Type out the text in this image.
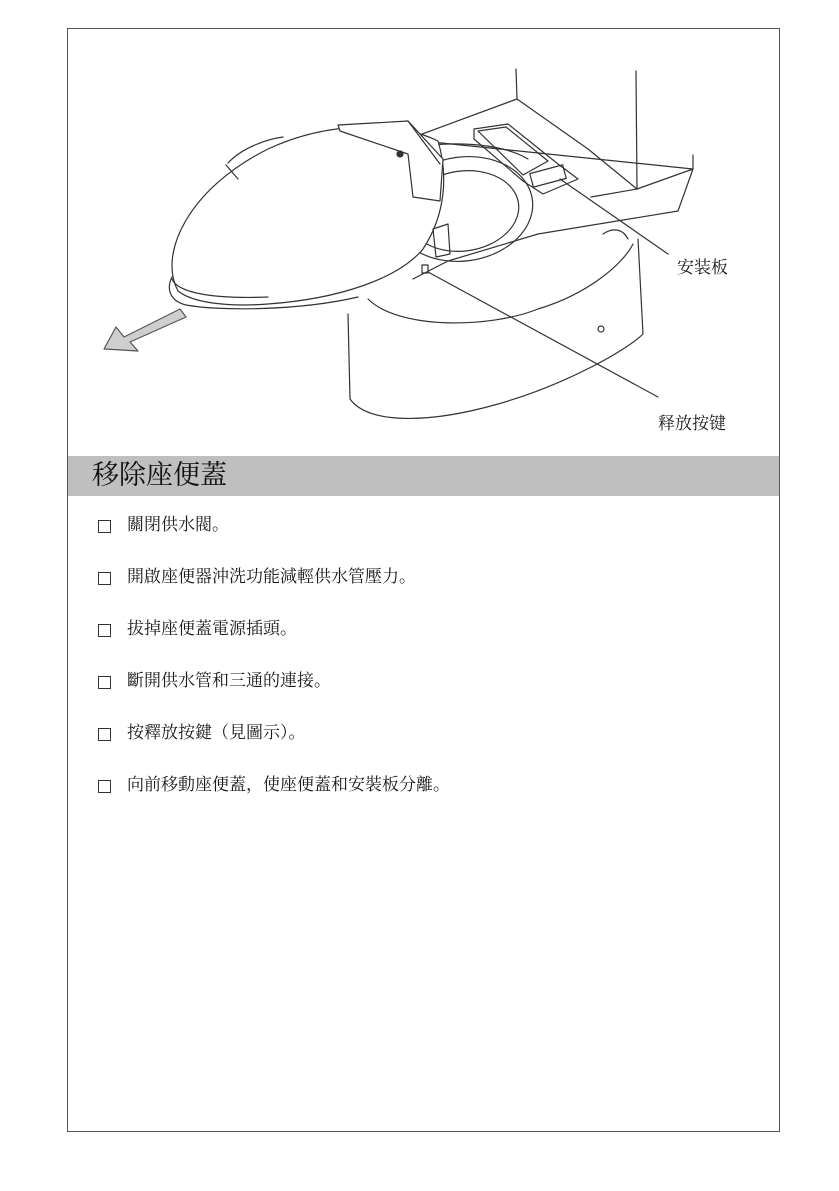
安装板
释放按键
移除座便蓋
關閉供水閥。
開啟座便器沖洗功能減輕供水管壓力。
拔掉座便蓋電源插頭。
斷開供水管和三通的連接。
按釋放按鍵（見圖示）。
向前移動座便蓋，使座便蓋和安裝板分離。
